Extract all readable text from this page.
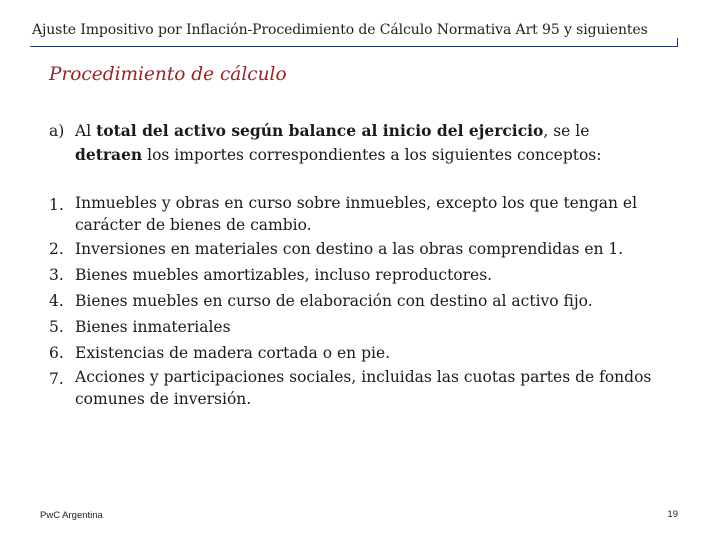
Ajuste Impositivo por Inflación-Procedimiento de Cálculo Normativa Art 95 y siguientes
Procedimiento de cálculo
a) Al total del activo según balance al inicio del ejercicio, se le
detraen los importes correspondientes a los siguientes conceptos:
1. Inmuebles y obras en curso sobre inmuebles, excepto los que tengan el carácter de bienes de cambio.
2. Inversiones en materiales con destino a las obras comprendidas en 1.
3. Bienes muebles amortizables, incluso reproductores.
4. Bienes muebles en curso de elaboración con destino al activo fijo.
5. Bienes inmateriales
6. Existencias de madera cortada o en pie.
7. Acciones y participaciones sociales, incluidas las cuotas partes de fondos comunes de inversión.
PwC Argentina	19
